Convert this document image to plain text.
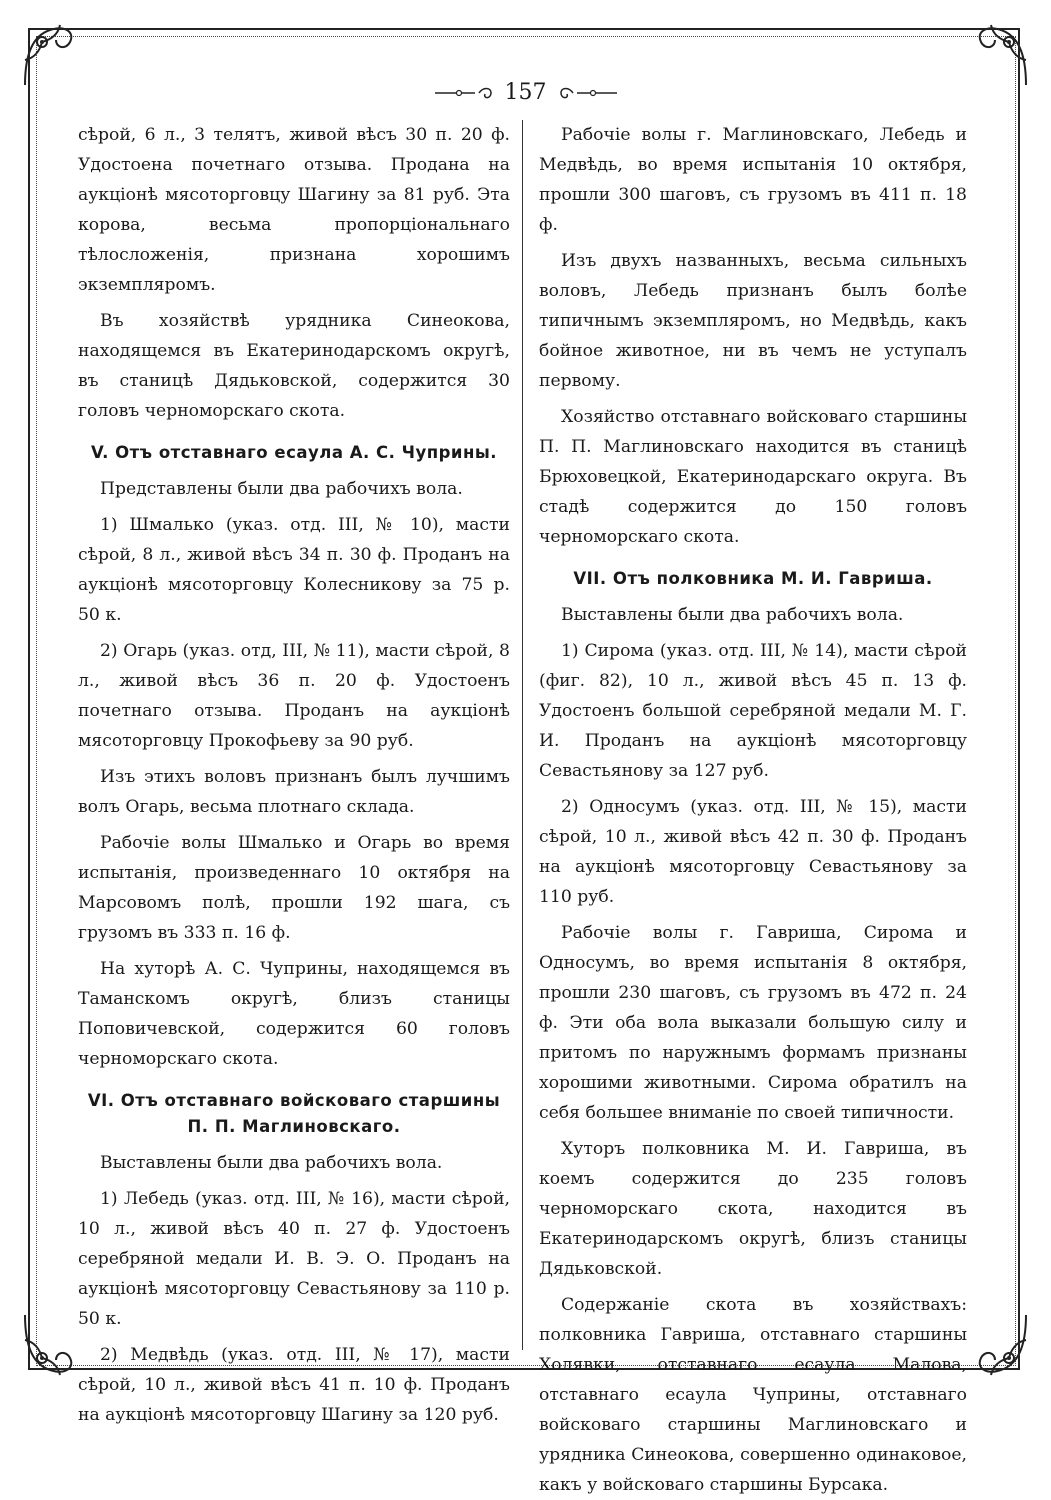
157

сѣрой, 6 л., 3 телятъ, живой вѣсъ 30 п. 20 ф. Удостоена почетнаго отзыва. Продана на аукціонѣ мясоторговцу Шагину за 81 руб. Эта корова, весьма пропорціональнаго тѣлосложенія, признана хорошимъ экземпляромъ.

Въ хозяйствѣ урядника Синеокова, находящемся въ Екатеринодарскомъ округѣ, въ станицѣ Дядьковской, содержится 30 головъ черноморскаго скота.

V. Отъ отставнаго есаула А. С. Чуприны.

Представлены были два рабочихъ вола.

1) Шмалько (указ. отд. III, № 10), масти сѣрой, 8 л., живой вѣсъ 34 п. 30 ф. Проданъ на аукціонѣ мясоторговцу Колесникову за 75 р. 50 к.

2) Огарь (указ. отд, III, № 11), масти сѣрой, 8 л., живой вѣсъ 36 п. 20 ф. Удостоенъ почетнаго отзыва. Проданъ на аукціонѣ мясоторговцу Прокофьеву за 90 руб.

Изъ этихъ воловъ признанъ былъ лучшимъ волъ Огарь, весьма плотнаго склада.

Рабочіе волы Шмалько и Огарь во время испытанія, произведеннаго 10 октября на Марсовомъ полѣ, прошли 192 шага, съ грузомъ въ 333 п. 16 ф.

На хуторѣ А. С. Чуприны, находящемся въ Таманскомъ округѣ, близъ станицы Поповичевской, содержится 60 головъ черноморскаго скота.

VI. Отъ отставнаго войсковаго старшины П. П. Маглиновскаго.

Выставлены были два рабочихъ вола.

1) Лебедь (указ. отд. III, № 16), масти сѣрой, 10 л., живой вѣсъ 40 п. 27 ф. Удостоенъ серебряной медали И. В. Э. О. Проданъ на аукціонѣ мясоторговцу Севастьянову за 110 р. 50 к.

2) Медвѣдь (указ. отд. III, № 17), масти сѣрой, 10 л., живой вѣсъ 41 п. 10 ф. Проданъ на аукціонѣ мясоторговцу Шагину за 120 руб.

Рабочіе волы г. Маглиновскаго, Лебедь и Медвѣдь, во время испытанія 10 октября, прошли 300 шаговъ, съ грузомъ въ 411 п. 18 ф.

Изъ двухъ названныхъ, весьма сильныхъ воловъ, Лебедь признанъ былъ болѣе типичнымъ экземпляромъ, но Медвѣдь, какъ бойное животное, ни въ чемъ не уступалъ первому.

Хозяйство отставнаго войсковаго старшины П. П. Маглиновскаго находится въ станицѣ Брюховецкой, Екатеринодарскаго округа. Въ стадѣ содержится до 150 головъ черноморскаго скота.

VII. Отъ полковника М. И. Гавриша.

Выставлены были два рабочихъ вола.

1) Сирома (указ. отд. III, № 14), масти сѣрой (фиг. 82), 10 л., живой вѣсъ 45 п. 13 ф. Удостоенъ большой серебряной медали М. Г. И. Проданъ на аукціонѣ мясоторговцу Севастьянову за 127 руб.

2) Односумъ (указ. отд. III, № 15), масти сѣрой, 10 л., живой вѣсъ 42 п. 30 ф. Проданъ на аукціонѣ мясоторговцу Севастьянову за 110 руб.

Рабочіе волы г. Гавриша, Сирома и Односумъ, во время испытанія 8 октября, прошли 230 шаговъ, съ грузомъ въ 472 п. 24 ф. Эти оба вола выказали большую силу и притомъ по наружнымъ формамъ признаны хорошими животными. Сирома обратилъ на себя большее вниманіе по своей типичности.

Хуторъ полковника М. И. Гавриша, въ коемъ содержится до 235 головъ черноморскаго скота, находится въ Екатеринодарскомъ округѣ, близъ станицы Дядьковской.

Содержаніе скота въ хозяйствахъ: полковника Гавриша, отставнаго старшины Холявки, отставнаго есаула Малова, отставнаго есаула Чуприны, отставнаго войсковаго старшины Маглиновскаго и урядника Синеокова, совершенно одинаковое, какъ у войсковаго старшины Бурсака.
